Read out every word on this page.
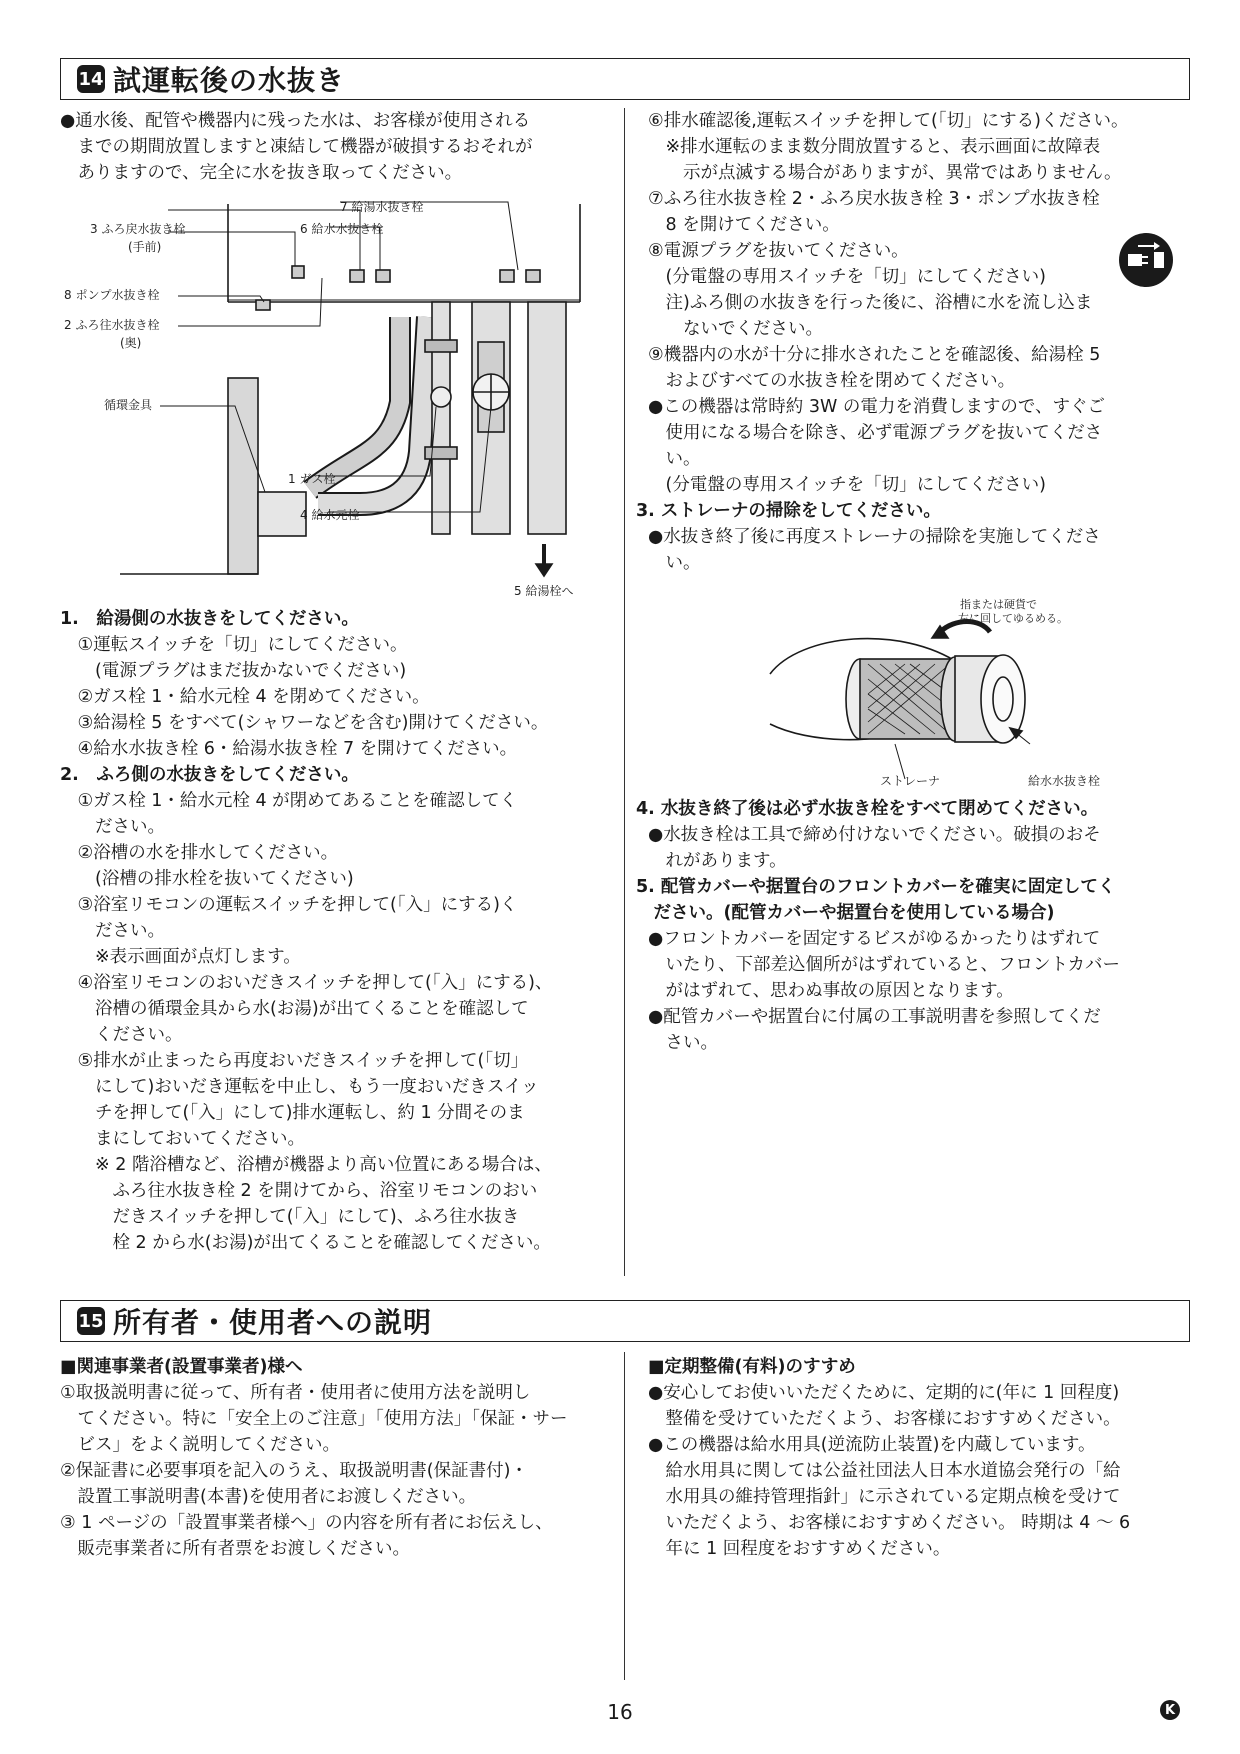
14 試運転後の水抜き
●通水後、配管や機器内に残った水は、お客様が使用される
　までの期間放置しますと凍結して機器が破損するおそれが
　ありますので、完全に水を抜き取ってください。
7 給湯水抜き栓
3 ふろ戻水抜き栓
(手前)
6 給水水抜き栓
8 ポンプ水抜き栓
2 ふろ往水抜き栓
(奥)
循環金具
1 ガス栓
4 給水元栓
5 給湯栓へ
1.　給湯側の水抜きをしてください。
　①運転スイッチを「切」にしてください。
　　(電源プラグはまだ抜かないでください)
　②ガス栓 1・給水元栓 4 を閉めてください。
　③給湯栓 5 をすべて(シャワーなどを含む)開けてください。
　④給水水抜き栓 6・給湯水抜き栓 7 を開けてください。
2.　ふろ側の水抜きをしてください。
　①ガス栓 1・給水元栓 4 が閉めてあることを確認してく
　　ださい。
　②浴槽の水を排水してください。
　　(浴槽の排水栓を抜いてください)
　③浴室リモコンの運転スイッチを押して(「入」にする)く
　　ださい。
　　※表示画面が点灯します。
　④浴室リモコンのおいだきスイッチを押して(「入」にする)、
　　浴槽の循環金具から水(お湯)が出てくることを確認して
　　ください。
　⑤排水が止まったら再度おいだきスイッチを押して(「切」
　　にして)おいだき運転を中止し、もう一度おいだきスイッ
　　チを押して(「入」にして)排水運転し、約 1 分間そのま
　　まにしておいてください。
　　※ 2 階浴槽など、浴槽が機器より高い位置にある場合は、
　　　ふろ往水抜き栓 2 を開けてから、浴室リモコンのおい
　　　だきスイッチを押して(「入」にして)、ふろ往水抜き
　　　栓 2 から水(お湯)が出てくることを確認してください。
⑥排水確認後,運転スイッチを押して(「切」にする)ください。
　※排水運転のまま数分間放置すると、表示画面に故障表
　　示が点滅する場合がありますが、異常ではありません。
⑦ふろ往水抜き栓 2・ふろ戻水抜き栓 3・ポンプ水抜き栓
　8 を開けてください。
⑧電源プラグを抜いてください。
　(分電盤の専用スイッチを「切」にしてください)
　注)ふろ側の水抜きを行った後に、浴槽に水を流し込ま
　　ないでください。
⑨機器内の水が十分に排水されたことを確認後、給湯栓 5
　およびすべての水抜き栓を閉めてください。
●この機器は常時約 3W の電力を消費しますので、すぐご
　使用になる場合を除き、必ず電源プラグを抜いてくださ
　い。
　(分電盤の専用スイッチを「切」にしてください)
3. ストレーナの掃除をしてください。
●水抜き終了後に再度ストレーナの掃除を実施してくださ
　い。
指または硬貨で
左に回してゆるめる。
ストレーナ	給水水抜き栓
4. 水抜き終了後は必ず水抜き栓をすべて閉めてください。
●水抜き栓は工具で締め付けないでください。破損のおそ
　れがあります。
5. 配管カバーや据置台のフロントカバーを確実に固定してく
　ださい。(配管カバーや据置台を使用している場合)
●フロントカバーを固定するビスがゆるかったりはずれて
　いたり、下部差込個所がはずれていると、フロントカバー
　がはずれて、思わぬ事故の原因となります。
●配管カバーや据置台に付属の工事説明書を参照してくだ
　さい。
15 所有者・使用者への説明
■関連事業者(設置事業者)様へ
①取扱説明書に従って、所有者・使用者に使用方法を説明し
　てください。特に「安全上のご注意」「使用方法」「保証・サー
　ビス」をよく説明してください。
②保証書に必要事項を記入のうえ、取扱説明書(保証書付)・
　設置工事説明書(本書)を使用者にお渡しください。
③ 1 ページの「設置事業者様へ」の内容を所有者にお伝えし、
　販売事業者に所有者票をお渡しください。
■定期整備(有料)のすすめ
●安心してお使いいただくために、定期的に(年に 1 回程度)
　整備を受けていただくよう、お客様におすすめください。
●この機器は給水用具(逆流防止装置)を内蔵しています。
　給水用具に関しては公益社団法人日本水道協会発行の「給
　水用具の維持管理指針」に示されている定期点検を受けて
　いただくよう、お客様におすすめください。 時期は 4 〜 6
　年に 1 回程度をおすすめください。
16	K
